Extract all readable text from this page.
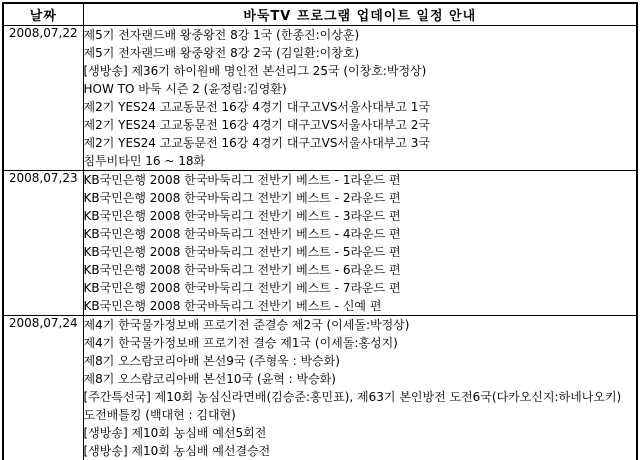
날짜	바둑TV 프로그램 업데이트 일정 안내
2008,07,22	제5기 전자랜드배 왕중왕전 8강 1국 (한종진:이상훈)
제5기 전자랜드배 왕중왕전 8강 2국 (김일환:이창호)
[생방송] 제36기 하이원배 명인전 본선리그 25국 (이창호:박정상)
HOW TO 바둑 시즌 2 (윤정림:김영환)
제2기 YES24 고교동문전 16강 4경기 대구고VS서울사대부고 1국
제2기 YES24 고교동문전 16강 4경기 대구고VS서울사대부고 2국
제2기 YES24 고교동문전 16강 4경기 대구고VS서울사대부고 3국
침투비타민 16 ~ 18화

2008,07,23	KB국민은행 2008 한국바둑리그 전반기 베스트 - 1라운드 편
KB국민은행 2008 한국바둑리그 전반기 베스트 - 2라운드 편
KB국민은행 2008 한국바둑리그 전반기 베스트 - 3라운드 편
KB국민은행 2008 한국바둑리그 전반기 베스트 - 4라운드 편
KB국민은행 2008 한국바둑리그 전반기 베스트 - 5라운드 편
KB국민은행 2008 한국바둑리그 전반기 베스트 - 6라운드 편
KB국민은행 2008 한국바둑리그 전반기 베스트 - 7라운드 편
KB국민은행 2008 한국바둑리그 전반기 베스트 - 신예 편

2008,07,24	제4기 한국물가정보배 프로기전 준결승 제2국 (이세돌:박정상)
제4기 한국물가정보배 프로기전 결승 제1국 (이세돌:홍성지)
제8기 오스람코리아배 본선9국 (주형욱 : 박승화)
제8기 오스람코리아배 본선10국 (윤혁 : 박승화)
[주간특선국] 제10회 농심신라면배(김승준:홍민표), 제63기 본인방전 도전6국(다카오신지:하네나오키)
도전배틀킹 (백대현 : 김대현)
[생방송] 제10회 농심배 예선5회전
[생방송] 제10회 농심배 예선결승전
